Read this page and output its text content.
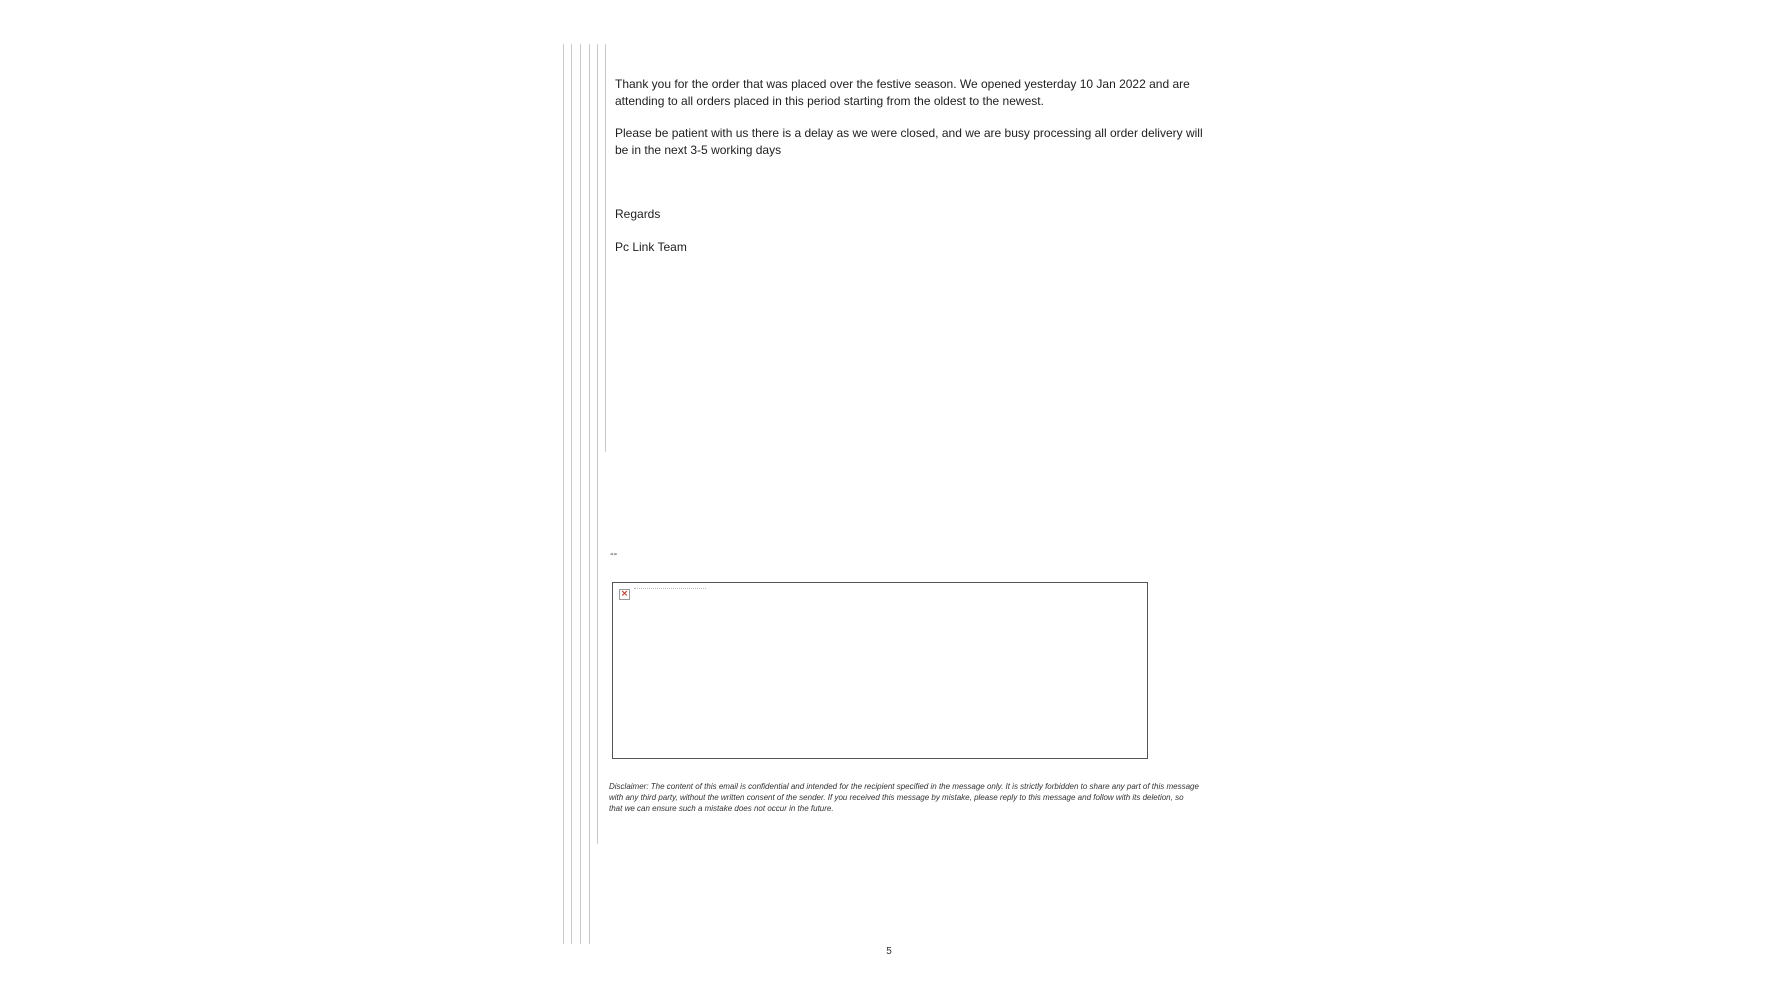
Thank you for the order that was placed over the festive season. We opened yesterday 10 Jan 2022 and are attending to all orders placed in this period starting from the oldest to the newest.

Please be patient with us there is a delay as we were closed, and we are busy processing all order delivery will be in the next 3-5 working days

Regards

Pc Link Team

--
×

Disclaimer: The content of this email is confidential and intended for the recipient specified in the message only. It is strictly forbidden to share any part of this message with any third party, without the written consent of the sender. If you received this message by mistake, please reply to this message and follow with its deletion, so that we can ensure such a mistake does not occur in the future.

5
